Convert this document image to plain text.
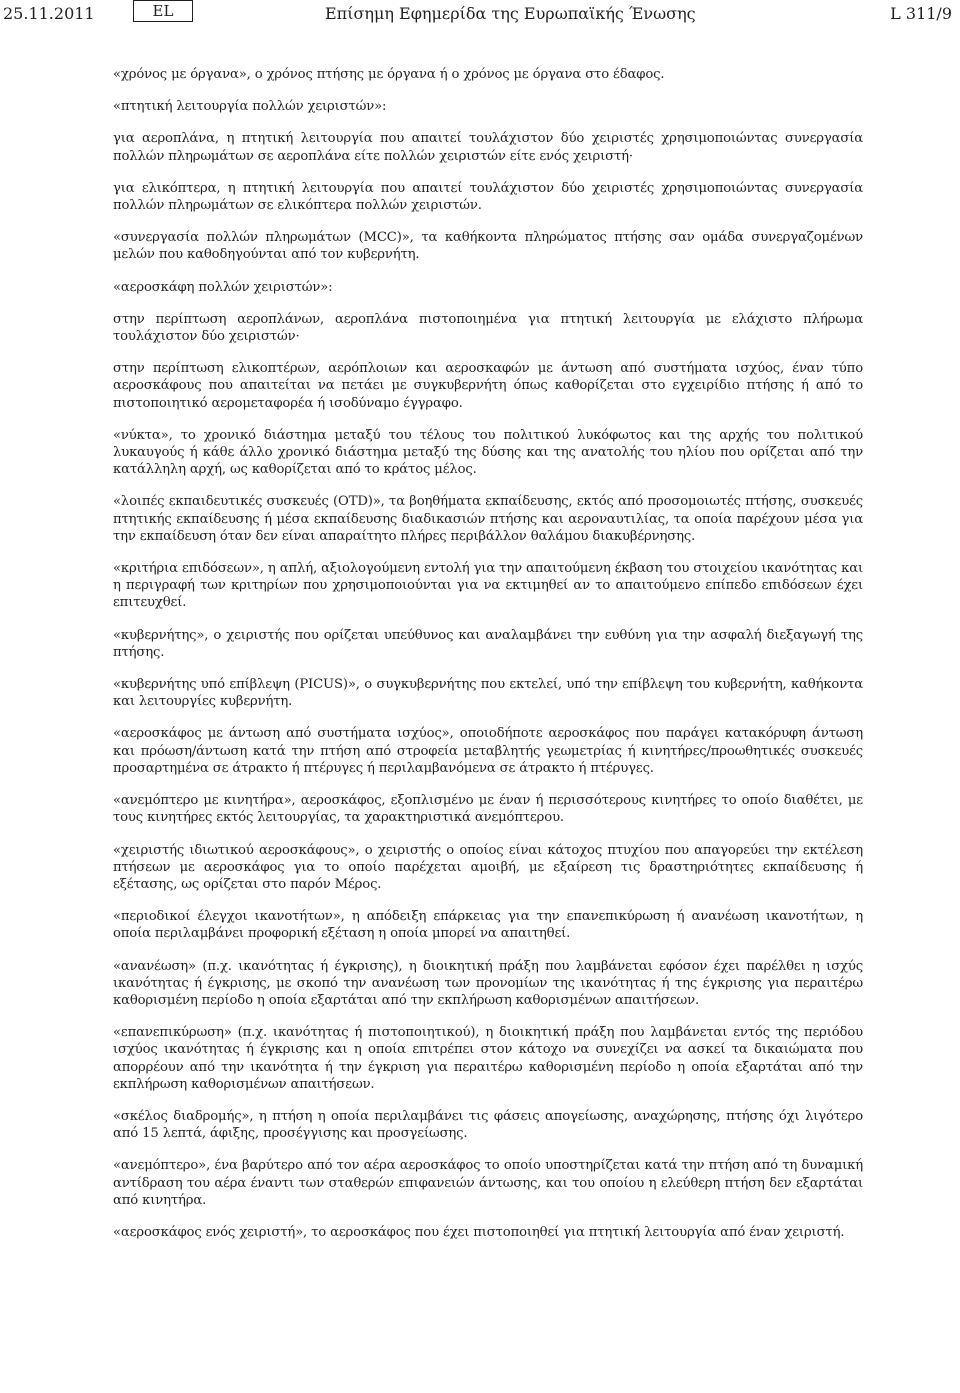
25.11.2011	EL	Επίσημη Εφημερίδα της Ευρωπαϊκής Ένωσης	L 311/9

«χρόνος με όργανα», ο χρόνος πτήσης με όργανα ή ο χρόνος με όργανα στο έδαφος.

«πτητική λειτουργία πολλών χειριστών»:

για αεροπλάνα, η πτητική λειτουργία που απαιτεί τουλάχιστον δύο χειριστές χρησιμοποιώντας συνεργασία πολλών πληρωμάτων σε αεροπλάνα είτε πολλών χειριστών είτε ενός χειριστή·

για ελικόπτερα, η πτητική λειτουργία που απαιτεί τουλάχιστον δύο χειριστές χρησιμοποιώντας συνεργασία πολλών πληρωμάτων σε ελικόπτερα πολλών χειριστών.

«συνεργασία πολλών πληρωμάτων (MCC)», τα καθήκοντα πληρώματος πτήσης σαν ομάδα συνεργαζομένων μελών που καθοδηγούνται από τον κυβερνήτη.

«αεροσκάφη πολλών χειριστών»:

στην περίπτωση αεροπλάνων, αεροπλάνα πιστοποιημένα για πτητική λειτουργία με ελάχιστο πλήρωμα τουλάχιστον δύο χειριστών·

στην περίπτωση ελικοπτέρων, αερόπλοιων και αεροσκαφών με άντωση από συστήματα ισχύος, έναν τύπο αεροσκάφους που απαιτείται να πετάει με συγκυβερνήτη όπως καθορίζεται στο εγχειρίδιο πτήσης ή από το πιστοποιητικό αερομεταφορέα ή ισοδύναμο έγγραφο.

«νύκτα», το χρονικό διάστημα μεταξύ του τέλους του πολιτικού λυκόφωτος και της αρχής του πολιτικού λυκαυγούς ή κάθε άλλο χρονικό διάστημα μεταξύ της δύσης και της ανατολής του ηλίου που ορίζεται από την κατάλληλη αρχή, ως καθορίζεται από το κράτος μέλος.

«λοιπές εκπαιδευτικές συσκευές (OTD)», τα βοηθήματα εκπαίδευσης, εκτός από προσομοιωτές πτήσης, συσκευές πτητικής εκπαίδευσης ή μέσα εκπαίδευσης διαδικασιών πτήσης και αεροναυτιλίας, τα οποία παρέχουν μέσα για την εκπαίδευση όταν δεν είναι απαραίτητο πλήρες περιβάλλον θαλάμου διακυβέρνησης.

«κριτήρια επιδόσεων», η απλή, αξιολογούμενη εντολή για την απαιτούμενη έκβαση του στοιχείου ικανότητας και η περιγραφή των κριτηρίων που χρησιμοποιούνται για να εκτιμηθεί αν το απαιτούμενο επίπεδο επιδόσεων έχει επιτευχθεί.

«κυβερνήτης», ο χειριστής που ορίζεται υπεύθυνος και αναλαμβάνει την ευθύνη για την ασφαλή διεξαγωγή της πτήσης.

«κυβερνήτης υπό επίβλεψη (PICUS)», ο συγκυβερνήτης που εκτελεί, υπό την επίβλεψη του κυβερνήτη, καθήκοντα και λειτουργίες κυβερνήτη.

«αεροσκάφος με άντωση από συστήματα ισχύος», οποιοδήποτε αεροσκάφος που παράγει κατακόρυφη άντωση και πρόωση/άντωση κατά την πτήση από στροφεία μεταβλητής γεωμετρίας ή κινητήρες/προωθητικές συσκευές προσαρτημένα σε άτρακτο ή πτέρυγες ή περιλαμβανόμενα σε άτρακτο ή πτέρυγες.

«ανεμόπτερο με κινητήρα», αεροσκάφος, εξοπλισμένο με έναν ή περισσότερους κινητήρες το οποίο διαθέτει, με τους κινητήρες εκτός λειτουργίας, τα χαρακτηριστικά ανεμόπτερου.

«χειριστής ιδιωτικού αεροσκάφους», ο χειριστής ο οποίος είναι κάτοχος πτυχίου που απαγορεύει την εκτέλεση πτήσεων με αεροσκάφος για το οποίο παρέχεται αμοιβή, με εξαίρεση τις δραστηριότητες εκπαίδευσης ή εξέτασης, ως ορίζεται στο παρόν Μέρος.

«περιοδικοί έλεγχοι ικανοτήτων», η απόδειξη επάρκειας για την επανεπικύρωση ή ανανέωση ικανοτήτων, η οποία περιλαμβάνει προφορική εξέταση η οποία μπορεί να απαιτηθεί.

«ανανέωση» (π.χ. ικανότητας ή έγκρισης), η διοικητική πράξη που λαμβάνεται εφόσον έχει παρέλθει η ισχύς ικανότητας ή έγκρισης, με σκοπό την ανανέωση των προνομίων της ικανότητας ή της έγκρισης για περαιτέρω καθορισμένη περίοδο η οποία εξαρτάται από την εκπλήρωση καθορισμένων απαιτήσεων.

«επανεπικύρωση» (π.χ. ικανότητας ή πιστοποιητικού), η διοικητική πράξη που λαμβάνεται εντός της περιόδου ισχύος ικανότητας ή έγκρισης και η οποία επιτρέπει στον κάτοχο να συνεχίζει να ασκεί τα δικαιώματα που απορρέουν από την ικανότητα ή την έγκριση για περαιτέρω καθορισμένη περίοδο η οποία εξαρτάται από την εκπλήρωση καθορισμένων απαιτήσεων.

«σκέλος διαδρομής», η πτήση η οποία περιλαμβάνει τις φάσεις απογείωσης, αναχώρησης, πτήσης όχι λιγότερο από 15 λεπτά, άφιξης, προσέγγισης και προσγείωσης.

«ανεμόπτερο», ένα βαρύτερο από τον αέρα αεροσκάφος το οποίο υποστηρίζεται κατά την πτήση από τη δυναμική αντίδραση του αέρα έναντι των σταθερών επιφανειών άντωσης, και του οποίου η ελεύθερη πτήση δεν εξαρτάται από κινητήρα.

«αεροσκάφος ενός χειριστή», το αεροσκάφος που έχει πιστοποιηθεί για πτητική λειτουργία από έναν χειριστή.
